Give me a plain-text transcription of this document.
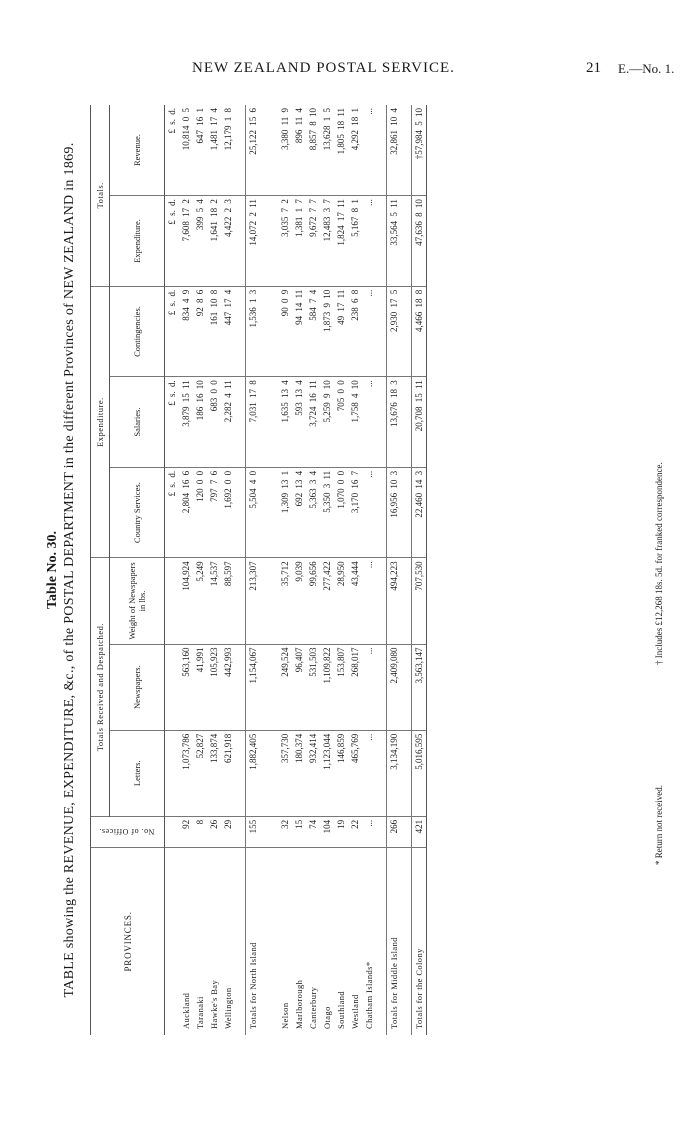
NEW ZEALAND POSTAL SERVICE.	21 E.—No. 1.
Table No. 30. TABLE showing the REVENUE, EXPENDITURE, &c., of the POSTAL DEPARTMENT in the different Provinces of NEW ZEALAND in 1869.	PROVINCES.	No. of Offices.	Totals Received and Despatched.			Expenditure.			Totals.	
		Letters.	Newspapers.	Weight of Newspapers in lbs.	Country Services.	Salaries.	Contingencies.	Expenditure.	Revenue.
					£ s. d.	£ s. d.	£ s. d.	£ s. d.	£ s. d.
Auckland	92	1,073,786	563,160	104,924	2,804 16 6	3,879 15 11	834 4 9	7,608 17 2	10,814 0 5
Taranaki	8	52,827	41,991	5,249	120 0 0	186 16 10	92 8 6	399 5 4	647 16 1
Hawke's Bay	26	133,874	105,923	14,537	797 7 6	683 0 0	161 10 8	1,641 18 2	1,481 17 4
Wellington	29	621,918	442,993	88,597	1,692 0 0	2,282 4 11	447 17 4	4,422 2 3	12,179 1 8

Totals for North Island	155	1,882,405	1,154,067	213,307	5,504 4 0	7,031 17 8	1,536 1 3	14,072 2 11	25,122 15 6

Nelson	32	357,730	249,524	35,712	1,309 13 1	1,635 13 4	90 0 9	3,035 7 2	3,380 11 9
Marlborough	15	180,374	96,407	9,039	692 13 4	593 13 4	94 14 11	1,381 1 7	896 11 4
Canterbury	74	932,414	531,503	99,656	5,363 3 4	3,724 16 11	584 7 4	9,672 7 7	8,857 8 10
Otago	104	1,123,044	1,109,822	277,422	5,350 3 11	5,259 9 10	1,873 9 10	12,483 3 7	13,628 1 5
Southland	19	146,859	153,807	28,950	1,070 0 0	705 0 0	49 17 11	1,824 17 11	1,805 18 11
Westland	22	465,769	268,017	43,444	3,170 16 7	1,758 4 10	238 6 8	5,167 8 1	4,292 18 1
Chatham Islands*	...	...	...	...	...	...	...	...	...

Totals for Middle Island	266	3,134,190	2,409,080	494,223	16,956 10 3	13,676 18 3	2,930 17 5	33,564 5 11	32,861 10 4

Totals for the Colony	421	5,016,595	3,563,147	707,530	22,460 14 3	20,708 15 11	4,466 18 8	47,636 8 10	†57,984 5 10
* Return not received.
† Includes £12,268 18s. 5d. for franked correspondence.
